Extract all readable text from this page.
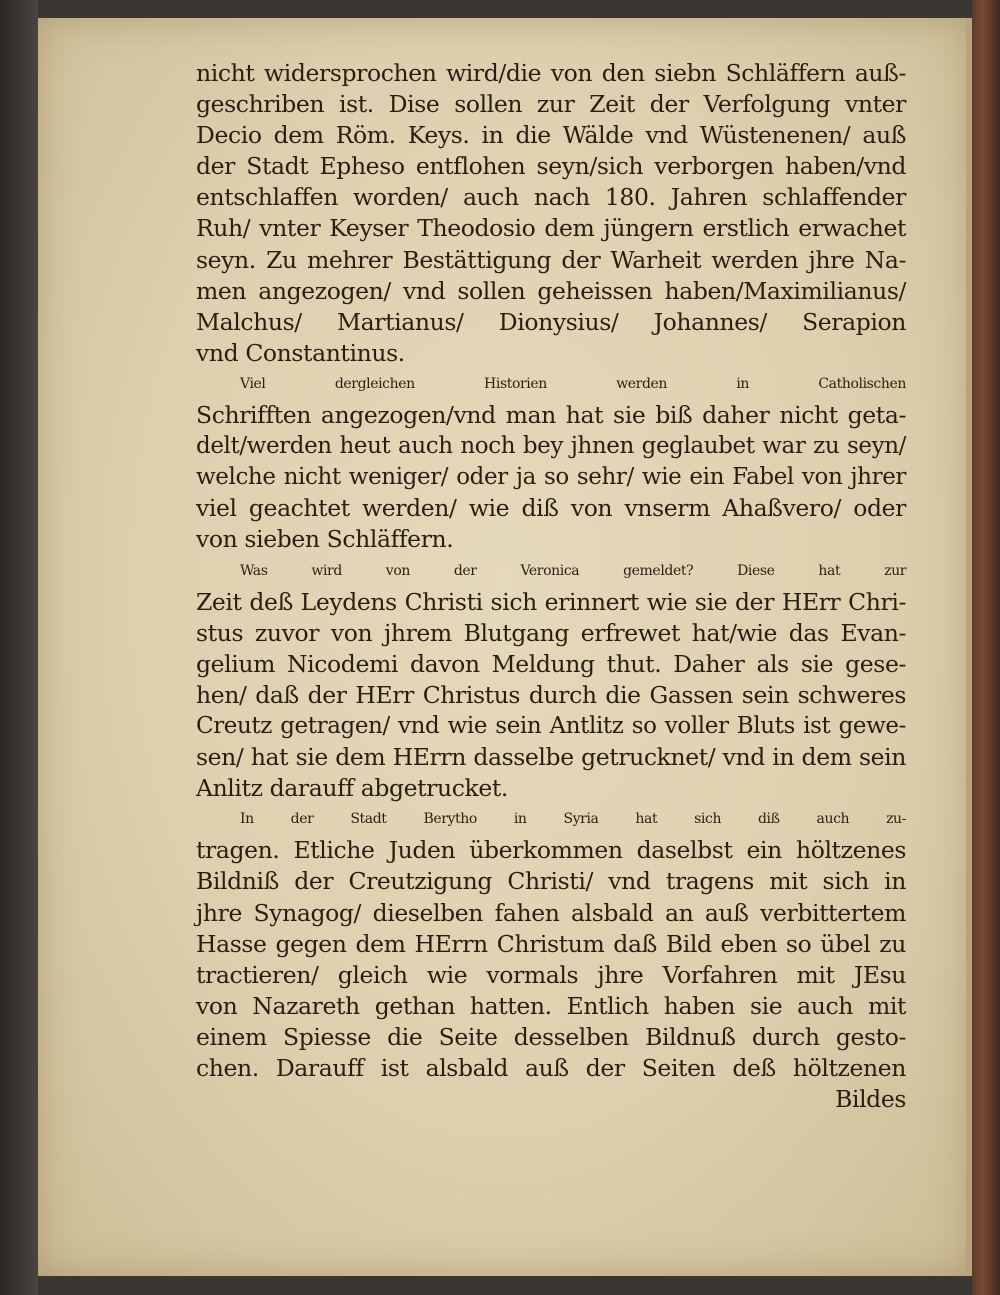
nicht widersprochen wird/die von den siebn Schläffern auß-
geschriben ist. Dise sollen zur Zeit der Verfolgung vnter
Decio dem Röm. Keys. in die Wälde vnd Wüstenenen/ auß
der Stadt Epheso entflohen seyn/sich verborgen haben/vnd
entschlaffen worden/ auch nach 180. Jahren schlaffender
Ruh/ vnter Keyser Theodosio dem jüngern erstlich erwachet
seyn. Zu mehrer Bestättigung der Warheit werden jhre Na-
men angezogen/ vnd sollen geheissen haben/Maximilianus/
Malchus/ Martianus/ Dionysius/ Johannes/ Serapion
vnd Constantinus.
Viel dergleichen Historien werden in Catholischen
Schrifften angezogen/vnd man hat sie biß daher nicht geta-
delt/werden heut auch noch bey jhnen geglaubet war zu seyn/
welche nicht weniger/ oder ja so sehr/ wie ein Fabel von jhrer
viel geachtet werden/ wie diß von vnserm Ahaßvero/ oder
von sieben Schläffern.
Was wird von der Veronica gemeldet? Diese hat zur
Zeit deß Leydens Christi sich erinnert wie sie der HErr Chri-
stus zuvor von jhrem Blutgang erfrewet hat/wie das Evan-
gelium Nicodemi davon Meldung thut. Daher als sie gese-
hen/ daß der HErr Christus durch die Gassen sein schweres
Creutz getragen/ vnd wie sein Antlitz so voller Bluts ist gewe-
sen/ hat sie dem HErrn dasselbe getrucknet/ vnd in dem sein
Anlitz darauff abgetrucket.
In der Stadt Berytho in Syria hat sich diß auch zu-
tragen. Etliche Juden überkommen daselbst ein höltzenes
Bildniß der Creutzigung Christi/ vnd tragens mit sich in
jhre Synagog/ dieselben fahen alsbald an auß verbittertem
Hasse gegen dem HErrn Christum daß Bild eben so übel zu
tractieren/ gleich wie vormals jhre Vorfahren mit JEsu
von Nazareth gethan hatten. Entlich haben sie auch mit
einem Spiesse die Seite desselben Bildnuß durch gesto-
chen. Darauff ist alsbald auß der Seiten deß höltzenen
Bildes
